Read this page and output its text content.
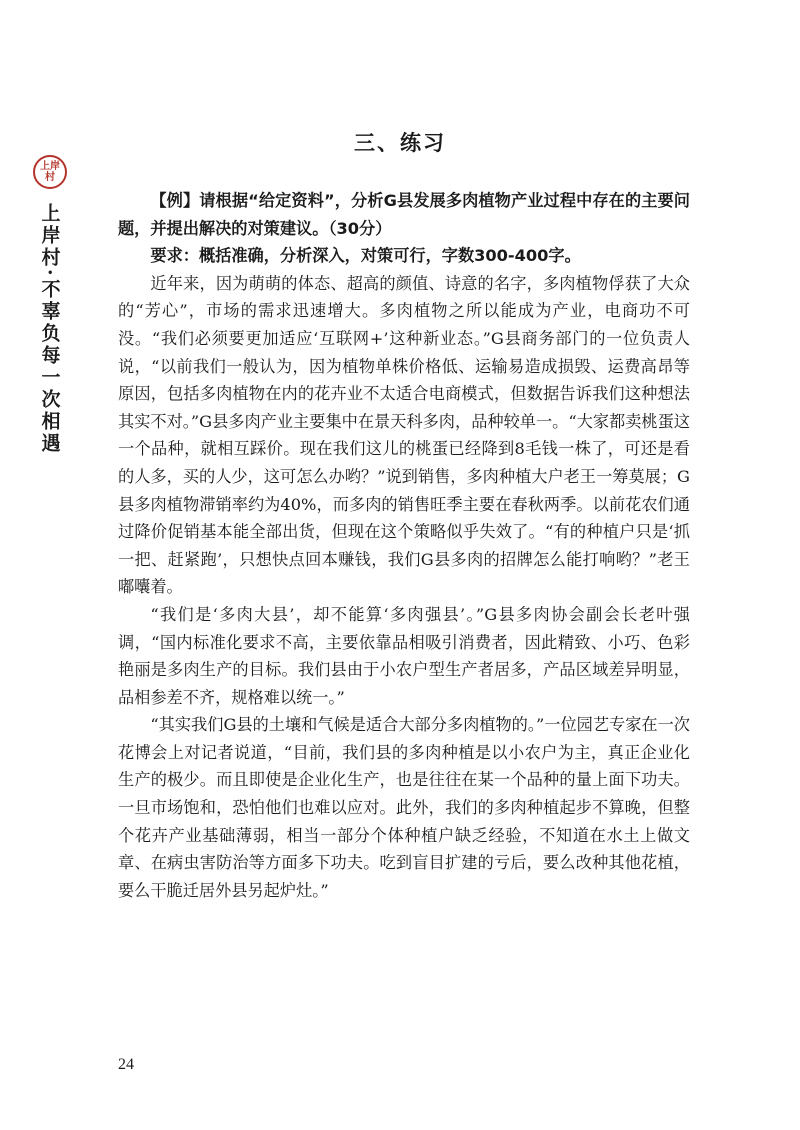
上岸村
上岸村·不辜负每一次相遇
三、练习

【例】请根据“给定资料”，分析G县发展多肉植物产业过程中存在的主要问题，并提出解决的对策建议。（30分）

要求：概括准确，分析深入，对策可行，字数300-400字。

近年来，因为萌萌的体态、超高的颜值、诗意的名字，多肉植物俘获了大众的“芳心”，市场的需求迅速增大。多肉植物之所以能成为产业，电商功不可没。“我们必须要更加适应‘互联网+’这种新业态。”G县商务部门的一位负责人说，“以前我们一般认为，因为植物单株价格低、运输易造成损毁、运费高昂等原因，包括多肉植物在内的花卉业不太适合电商模式，但数据告诉我们这种想法其实不对。”G县多肉产业主要集中在景天科多肉，品种较单一。“大家都卖桃蛋这一个品种，就相互踩价。现在我们这儿的桃蛋已经降到8毛钱一株了，可还是看的人多，买的人少，这可怎么办哟？”说到销售，多肉种植大户老王一筹莫展；G县多肉植物滞销率约为40%，而多肉的销售旺季主要在春秋两季。以前花农们通过降价促销基本能全部出货，但现在这个策略似乎失效了。“有的种植户只是‘抓一把、赶紧跑’，只想快点回本赚钱，我们G县多肉的招牌怎么能打响哟？”老王嘟囔着。

“我们是‘多肉大县’，却不能算‘多肉强县’。”G县多肉协会副会长老叶强调，“国内标准化要求不高，主要依靠品相吸引消费者，因此精致、小巧、色彩艳丽是多肉生产的目标。我们县由于小农户型生产者居多，产品区域差异明显，品相参差不齐，规格难以统一。”

“其实我们G县的土壤和气候是适合大部分多肉植物的。”一位园艺专家在一次花博会上对记者说道，“目前，我们县的多肉种植是以小农户为主，真正企业化生产的极少。而且即使是企业化生产，也是往往在某一个品种的量上面下功夫。一旦市场饱和，恐怕他们也难以应对。此外，我们的多肉种植起步不算晚，但整个花卉产业基础薄弱，相当一部分个体种植户缺乏经验，不知道在水土上做文章、在病虫害防治等方面多下功夫。吃到盲目扩建的亏后，要么改种其他花植，要么干脆迁居外县另起炉灶。”

24
